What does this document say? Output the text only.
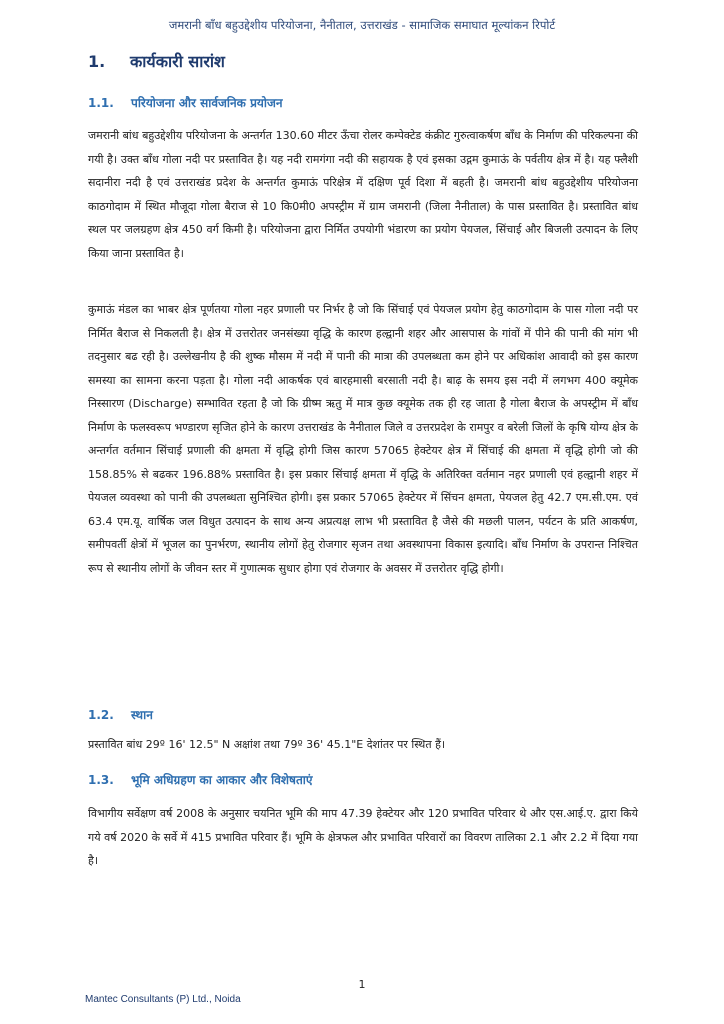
जमरानी बाँध बहुउद्देशीय परियोजना, नैनीताल, उत्तराखंड - सामाजिक समाघात मूल्यांकन रिपोर्ट
1. कार्यकारी सारांश
1.1. परियोजना और सार्वजनिक प्रयोजन
जमरानी बांध बहुउद्देशीय परियोजना के अन्तर्गत 130.60 मीटर ऊँचा रोलर कम्पेक्टेड कंक्रीट गुरुत्वाकर्षण बाँध के निर्माण की परिकल्पना की गयी है। उक्त बाँध गोला नदी पर प्रस्तावित है। यह नदी रामगंगा नदी की सहायक है एवं इसका उद्गम कुमाऊं के पर्वतीय क्षेत्र में है। यह फ्लैशी सदानीरा नदी है एवं उत्तराखंड प्रदेश के अन्तर्गत कुमाऊं परिक्षेत्र में दक्षिण पूर्व दिशा में बहती है। जमरानी बांध बहुउद्देशीय परियोजना काठगोदाम में स्थित मौजूदा गोला बैराज से 10 कि0मी0 अपस्ट्रीम में ग्राम जमरानी (जिला नैनीताल) के पास प्रस्तावित है। प्रस्तावित बांध स्थल पर जलग्रहण क्षेत्र 450 वर्ग किमी है। परियोजना द्वारा निर्मित उपयोगी भंडारण का प्रयोग पेयजल, सिंचाई और बिजली उत्पादन के लिए किया जाना प्रस्तावित है।
कुमाऊं मंडल का भाबर क्षेत्र पूर्णतया गोला नहर प्रणाली पर निर्भर है जो कि सिंचाई एवं पेयजल प्रयोग हेतु काठगोदाम के पास गोला नदी पर निर्मित बैराज से निकलती है। क्षेत्र में उत्तरोतर जनसंख्या वृद्धि के कारण हल्द्वानी शहर और आसपास के गांवों में पीने की पानी की मांग भी तदनुसार बढ रही है। उल्लेखनीय है की शुष्क मौसम में नदी में पानी की मात्रा की उपलब्धता कम होने पर अधिकांश आवादी को इस कारण समस्या का सामना करना पड़ता है। गोला नदी आकर्षक एवं बारहमासी बरसाती नदी है। बाढ़ के समय इस नदी में लगभग 400 क्यूमेक निस्सारण (Discharge) सम्भावित रहता है जो कि ग्रीष्म ऋतु में मात्र कुछ क्यूमेक तक ही रह जाता है गोला बैराज के अपस्ट्रीम में बाँध निर्माण के फलस्वरूप भण्डारण सृजित होने के कारण उत्तराखंड के नैनीताल जिले व उत्तरप्रदेश के रामपुर व बरेली जिलों के कृषि योग्य क्षेत्र के अन्तर्गत वर्तमान सिंचाई प्रणाली की क्षमता में वृद्धि होगी जिस कारण 57065 हेक्टेयर क्षेत्र में सिंचाई की क्षमता में वृद्धि होगी जो की 158.85% से बढकर 196.88% प्रस्तावित है। इस प्रकार सिंचाई क्षमता में वृद्धि के अतिरिक्त वर्तमान नहर प्रणाली एवं हल्द्वानी शहर में पेयजल व्यवस्था को पानी की उपलब्धता सुनिश्चित होगी। इस प्रकार 57065 हेक्टेयर में सिंचन क्षमता, पेयजल हेतु 42.7 एम.सी.एम. एवं 63.4 एम.यू. वार्षिक जल विधुत उत्पादन के साथ अन्य अप्रत्यक्ष लाभ भी प्रस्तावित है जैसे की मछली पालन, पर्यटन के प्रति आकर्षण, समीपवर्ती क्षेत्रों में भूजल का पुनर्भरण, स्थानीय लोगों हेतु रोजगार सृजन तथा अवस्थापना विकास इत्यादि। बाँध निर्माण के उपरान्त निश्चित रूप से स्थानीय लोगों के जीवन स्तर में गुणात्मक सुधार होगा एवं रोजगार के अवसर में उत्तरोतर वृद्धि होगी।
1.2. स्थान
प्रस्तावित बांध 29º 16' 12.5" N अक्षांश तथा 79º 36' 45.1"E देशांतर पर स्थित हैं।
1.3. भूमि अधिग्रहण का आकार और विशेषताएं
विभागीय सर्वेक्षण वर्ष 2008 के अनुसार चयनित भूमि की माप 47.39 हेक्टेयर और 120 प्रभावित परिवार थे और एस.आई.ए. द्वारा किये गये वर्ष 2020 के सर्वे में 415 प्रभावित परिवार हैं। भूमि के क्षेत्रफल और प्रभावित परिवारों का विवरण तालिका 2.1 और 2.2 में दिया गया है।
1
Mantec Consultants (P) Ltd., Noida
